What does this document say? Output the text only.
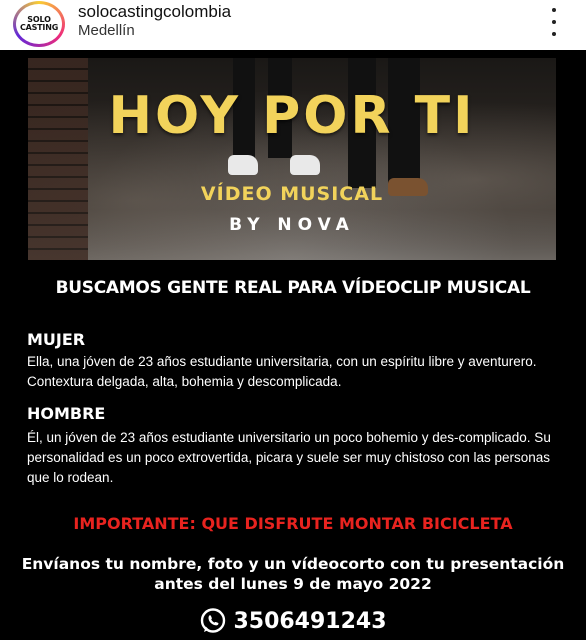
SOLO
CASTING
solocastingcolombia
Medellín
HOY POR TI
VÍDEO MUSICAL
BY NOVA
BUSCAMOS GENTE REAL PARA VÍDEOCLIP MUSICAL
MUJER
Ella, una jóven de 23 años estudiante universitaria, con un espíritu libre y aventurero. Contextura delgada, alta, bohemia y descomplicada.
HOMBRE
Él, un jóven de 23 años estudiante universitario un poco bohemio y des-complicado. Su personalidad es un poco extrovertida, picara y suele ser muy chistoso con las personas que lo rodean.
IMPORTANTE: QUE DISFRUTE MONTAR BICICLETA
Envíanos tu nombre, foto y un vídeocorto con tu presentación
antes del lunes 9 de mayo 2022
3506491243
